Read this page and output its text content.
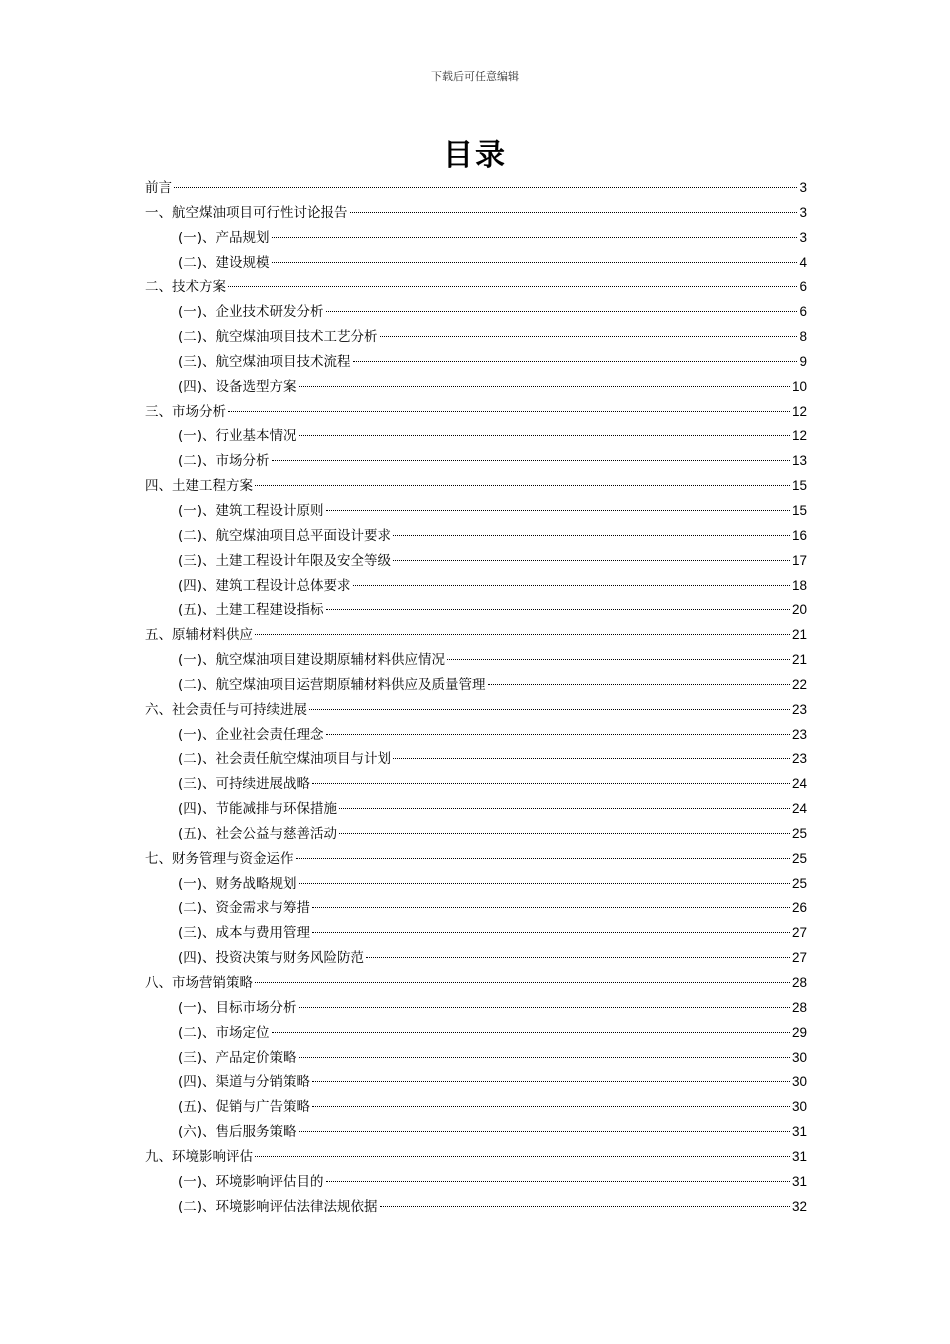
下载后可任意编辑
目录
前言	3
一、航空煤油项目可行性讨论报告	3
(一)、产品规划	3
(二)、建设规模	4
二、技术方案	6
(一)、企业技术研发分析	6
(二)、航空煤油项目技术工艺分析	8
(三)、航空煤油项目技术流程	9
(四)、设备选型方案	10
三、市场分析	12
(一)、行业基本情况	12
(二)、市场分析	13
四、土建工程方案	15
(一)、建筑工程设计原则	15
(二)、航空煤油项目总平面设计要求	16
(三)、土建工程设计年限及安全等级	17
(四)、建筑工程设计总体要求	18
(五)、土建工程建设指标	20
五、原辅材料供应	21
(一)、航空煤油项目建设期原辅材料供应情况	21
(二)、航空煤油项目运营期原辅材料供应及质量管理	22
六、社会责任与可持续进展	23
(一)、企业社会责任理念	23
(二)、社会责任航空煤油项目与计划	23
(三)、可持续进展战略	24
(四)、节能减排与环保措施	24
(五)、社会公益与慈善活动	25
七、财务管理与资金运作	25
(一)、财务战略规划	25
(二)、资金需求与筹措	26
(三)、成本与费用管理	27
(四)、投资决策与财务风险防范	27
八、市场营销策略	28
(一)、目标市场分析	28
(二)、市场定位	29
(三)、产品定价策略	30
(四)、渠道与分销策略	30
(五)、促销与广告策略	30
(六)、售后服务策略	31
九、环境影响评估	31
(一)、环境影响评估目的	31
(二)、环境影响评估法律法规依据	32
